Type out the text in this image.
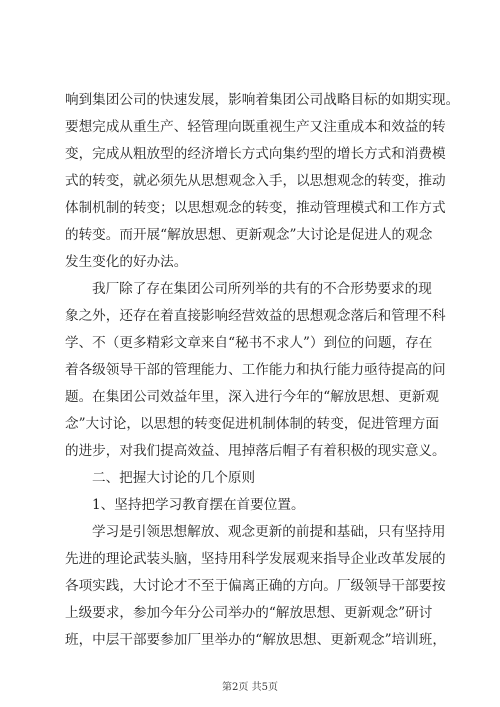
响到集团公司的快速发展，影响着集团公司战略目标的如期实现。
要想完成从重生产、轻管理向既重视生产又注重成本和效益的转
变，完成从粗放型的经济增长方式向集约型的增长方式和消费模
式的转变，就必须先从思想观念入手，以思想观念的转变，推动
体制机制的转变；以思想观念的转变，推动管理模式和工作方式
的转变。而开展“解放思想、更新观念”大讨论是促进人的观念
发生变化的好办法。
我厂除了存在集团公司所列举的共有的不合形势要求的现
象之外，还存在着直接影响经营效益的思想观念落后和管理不科
学、不（更多精彩文章来自“秘书不求人”）到位的问题，存在
着各级领导干部的管理能力、工作能力和执行能力亟待提高的问
题。在集团公司效益年里，深入进行今年的“解放思想、更新观
念”大讨论，以思想的转变促进机制体制的转变，促进管理方面
的进步，对我们提高效益、甩掉落后帽子有着积极的现实意义。
二、把握大讨论的几个原则
1、坚持把学习教育摆在首要位置。
学习是引领思想解放、观念更新的前提和基础，只有坚持用
先进的理论武装头脑，坚持用科学发展观来指导企业改革发展的
各项实践，大讨论才不至于偏离正确的方向。厂级领导干部要按
上级要求，参加今年分公司举办的“解放思想、更新观念”研讨
班，中层干部要参加厂里举办的“解放思想、更新观念”培训班，
第2页 共5页
